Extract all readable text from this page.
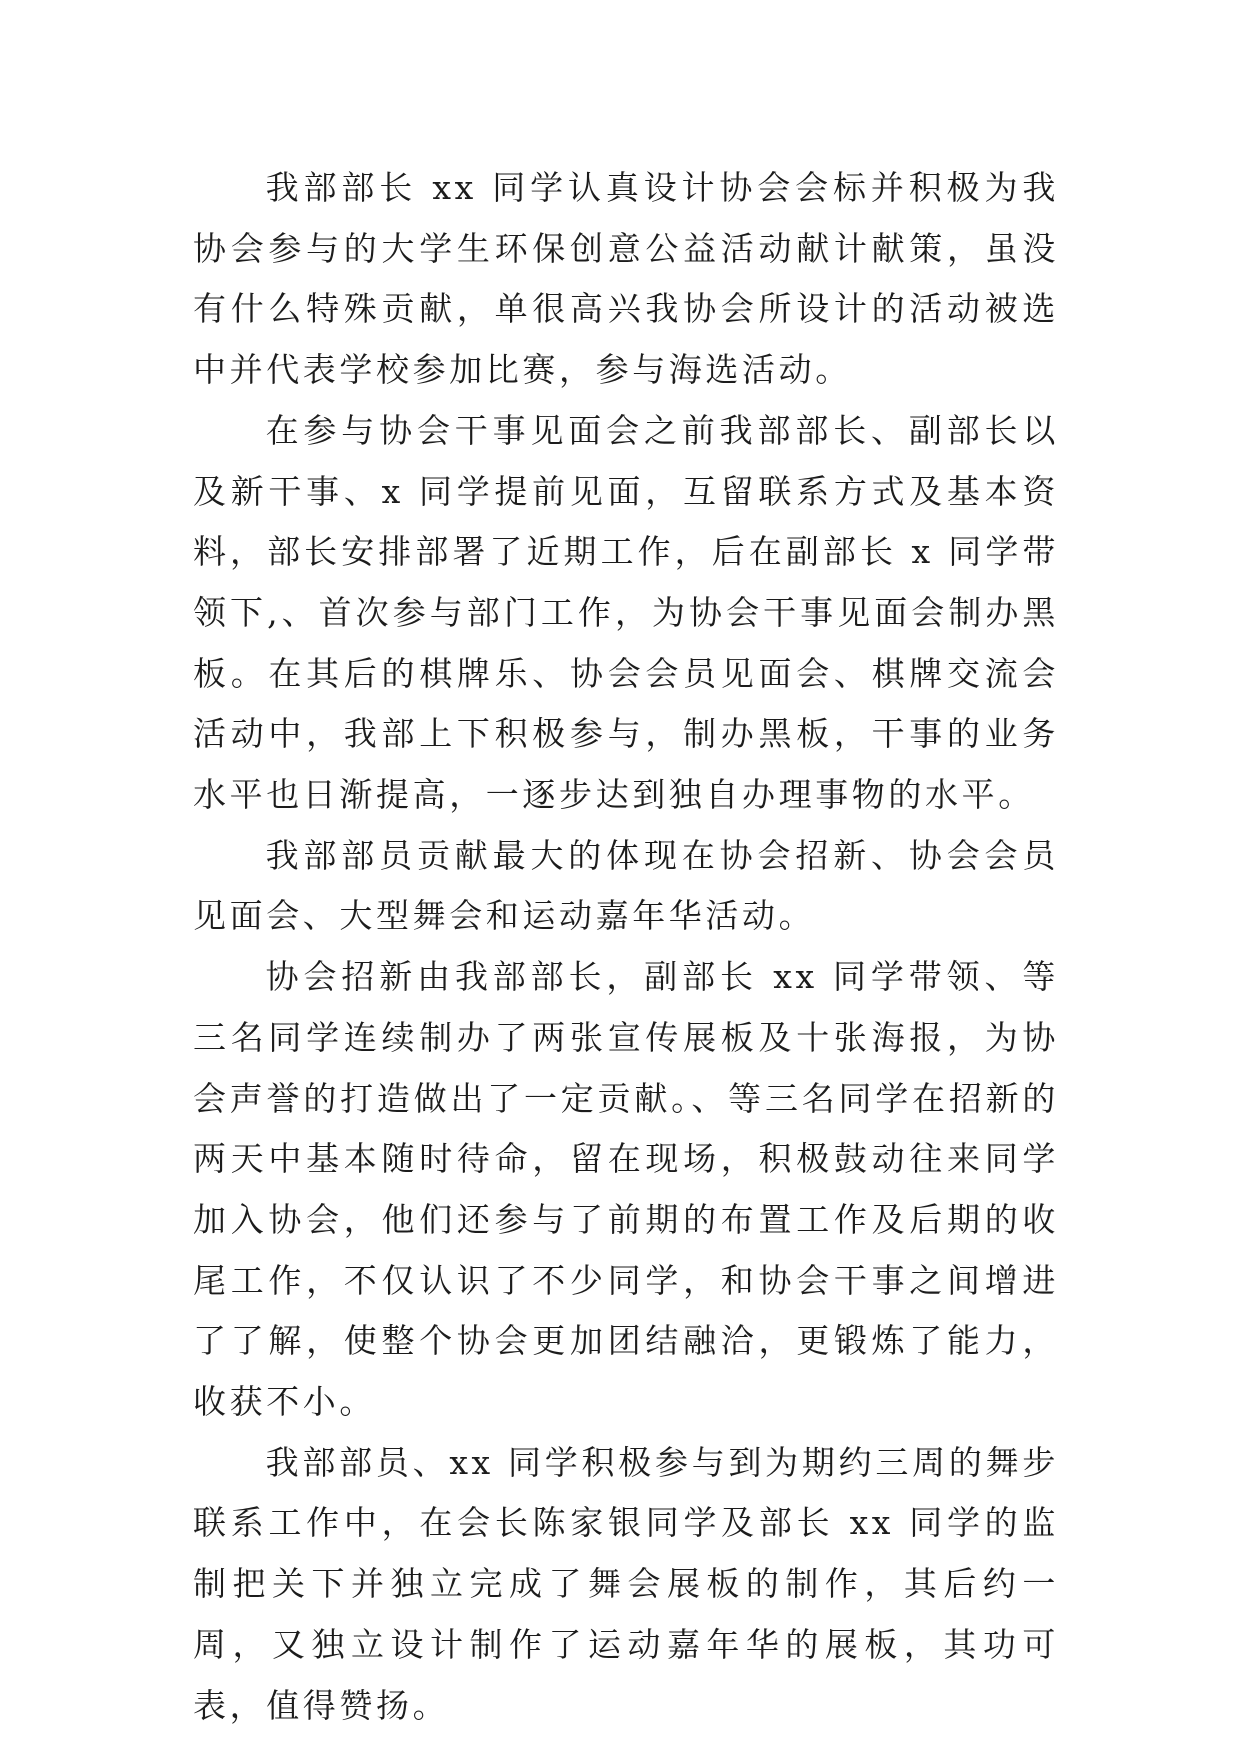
我部部长 xx 同学认真设计协会会标并积极为我协会参与的大学生环保创意公益活动献计献策，虽没有什么特殊贡献，单很高兴我协会所设计的活动被选中并代表学校参加比赛，参与海选活动。

在参与协会干事见面会之前我部部长、副部长以及新干事、x 同学提前见面，互留联系方式及基本资料，部长安排部署了近期工作，后在副部长 x 同学带领下,、首次参与部门工作，为协会干事见面会制办黑板。在其后的棋牌乐、协会会员见面会、棋牌交流会活动中，我部上下积极参与，制办黑板，干事的业务水平也日渐提高，一逐步达到独自办理事物的水平。

我部部员贡献最大的体现在协会招新、协会会员见面会、大型舞会和运动嘉年华活动。

协会招新由我部部长，副部长 xx 同学带领、等三名同学连续制办了两张宣传展板及十张海报，为协会声誉的打造做出了一定贡献。、等三名同学在招新的两天中基本随时待命，留在现场，积极鼓动往来同学加入协会，他们还参与了前期的布置工作及后期的收尾工作，不仅认识了不少同学，和协会干事之间增进了了解，使整个协会更加团结融洽，更锻炼了能力，收获不小。

我部部员、xx 同学积极参与到为期约三周的舞步联系工作中，在会长陈家银同学及部长 xx 同学的监制把关下并独立完成了舞会展板的制作，其后约一周，又独立设计制作了运动嘉年华的展板，其功可表，值得赞扬。
